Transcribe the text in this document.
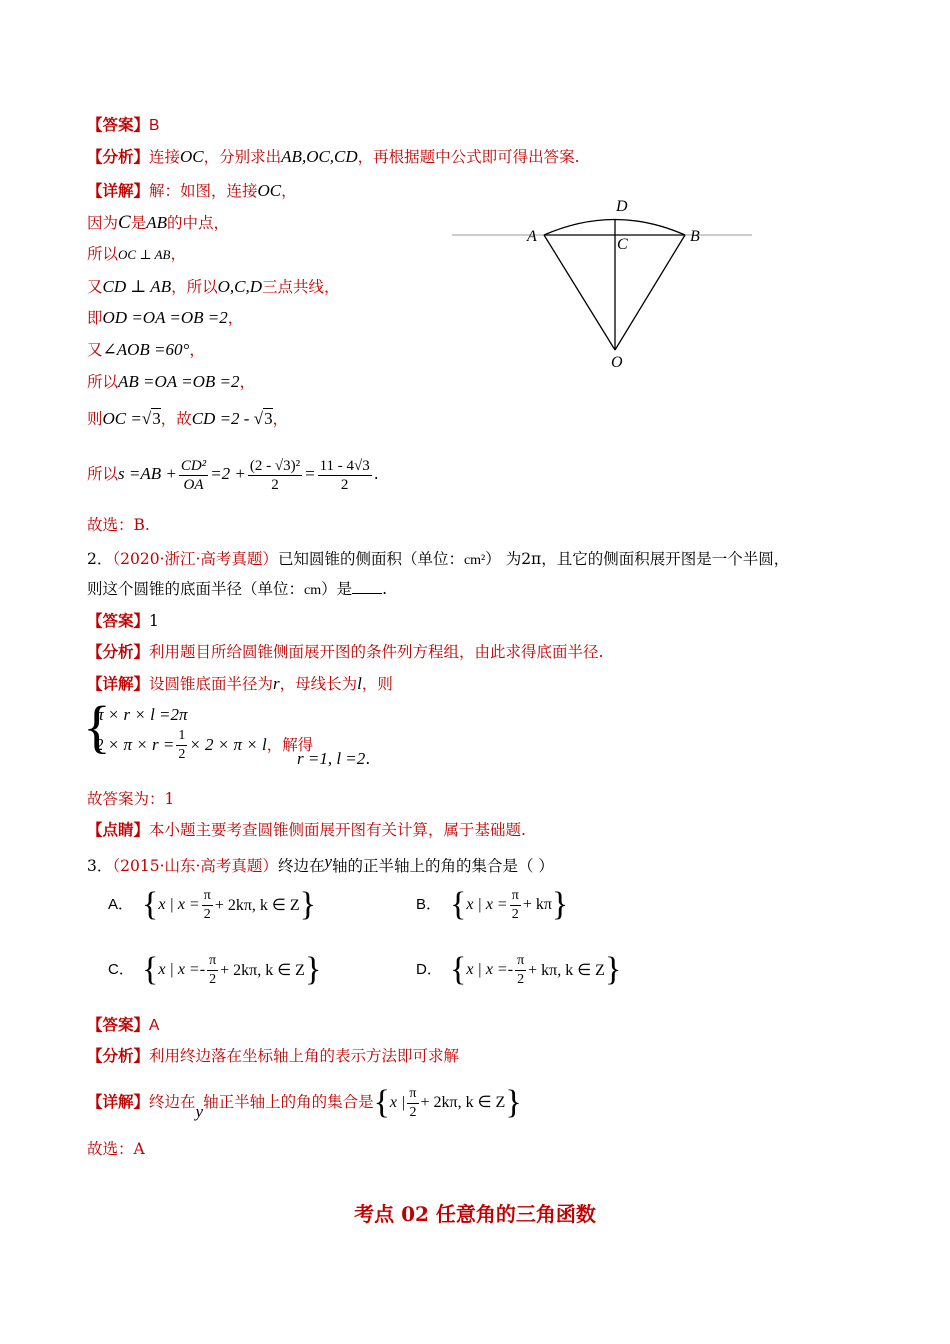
【答案】B
【分析】连接OC，分别求出AB,OC,CD，再根据题中公式即可得出答案.
【详解】解：如图，连接OC，
因为C是AB的中点，
所以OC ⊥ AB，
又CD ⊥ AB，所以O,C,D三点共线，
即OD =OA =OB =2，
又∠AOB =60°，
所以AB =OA =OB =2，
则OC =√3，故CD =2 - √3，
所以$s =AB + \frac{\text{CD²}}{OA} =2 + \frac{\text{(2 - √3)²}}{2} = \frac{11 - 4√3}{2}$ .
故选：B.
D
A	C	B
O
2．（2020·浙江·高考真题）已知圆锥的侧面积（单位：cm²） 为2π，且它的侧面积展开图是一个半圆，
则这个圆锥的底面半径（单位：cm）是 .
【答案】1
【分析】利用题目所给圆锥侧面展开图的条件列方程组，由此求得底面半径.
【详解】设圆锥底面半径为r，母线长为l，则
{
π × r × l =2π
$2 \times \pi \times r = \frac{1}{2} \times 2 \times \pi \times l$，解得
r =1, l =2.
故答案为：1
【点睛】本小题主要考查圆锥侧面展开图有关计算，属于基础题.
3．（2015·山东·高考真题）终边在y轴的正半轴上的角的集合是（ ）
A． {x | $x = \frac{\pi}{2} + 2k\pi$, k ∈ Z}	B． {x | $x = \frac{\pi}{2} + k\pi$}
C． {x | $x =- \frac{\pi}{2} + 2k\pi$, k ∈ Z}	D． {x | $x =- \frac{\pi}{2} + k\pi$, k ∈ Z}
【答案】A
【分析】利用终边落在坐标轴上角的表示方法即可求解
【详解】终边在y轴正半轴上的角的集合是{x | $\frac{\pi}{2} + 2k\pi$, k ∈ Z}
故选：A
考点 02 任意角的三角函数
